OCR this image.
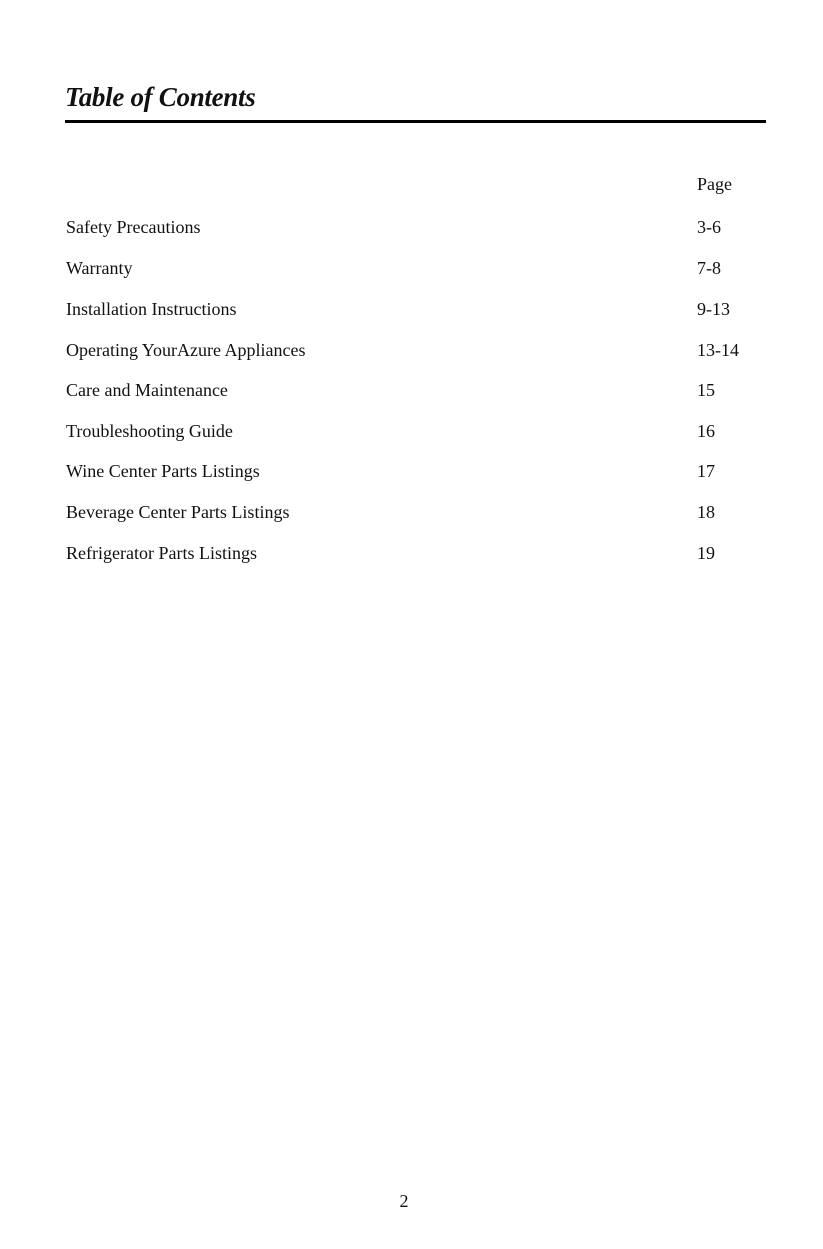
Table of Contents
Page
Safety Precautions	3-6
Warranty	7-8
Installation Instructions	9-13
Operating YourAzure Appliances	13-14
Care and Maintenance	15
Troubleshooting Guide	16
Wine Center Parts Listings	17
Beverage Center Parts Listings	18
Refrigerator Parts Listings	19
2
